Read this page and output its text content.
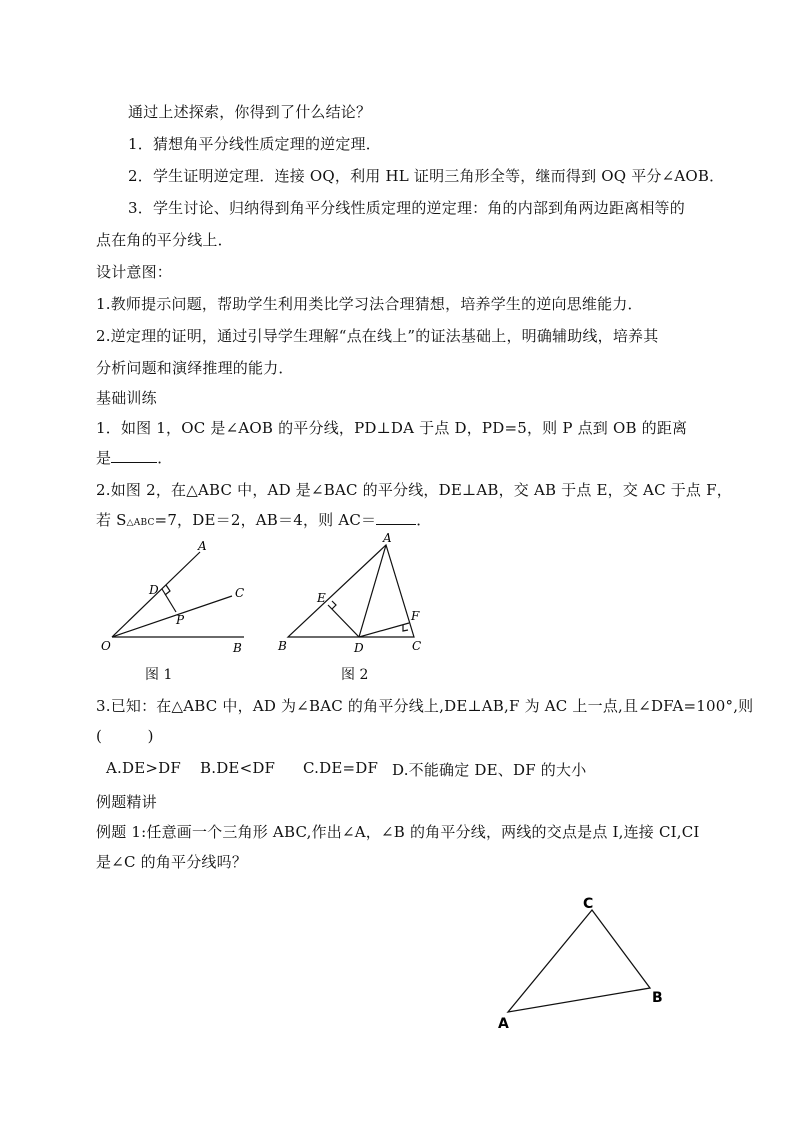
通过上述探索，你得到了什么结论？
1．猜想角平分线性质定理的逆定理．
2．学生证明逆定理．连接 OQ，利用 HL 证明三角形全等，继而得到 OQ 平分∠AOB．
3．学生讨论、归纳得到角平分线性质定理的逆定理：角的内部到角两边距离相等的
点在角的平分线上．
设计意图：
1.教师提示问题，帮助学生利用类比学习法合理猜想，培养学生的逆向思维能力．
2.逆定理的证明，通过引导学生理解“点在线上”的证法基础上，明确辅助线，培养其
分析问题和演绎推理的能力．
基础训练
1．如图 1，OC 是∠AOB 的平分线，PD⊥DA 于点 D，PD=5，则 P 点到 OB 的距离
是	．
2.如图 2，在△ABC 中，AD 是∠BAC 的平分线，DE⊥AB，交 AB 于点 E，交 AC 于点 F，
若 S△ABC=7，DE＝2，AB＝4，则 AC＝	．
A
C
D
P
O	B
A
E
F
B	D	C
图 1	图 2
3.已知：在△ABC 中，AD 为∠BAC 的角平分线上,DE⊥AB,F 为 AC 上一点,且∠DFA=100°,则
(　　　)
A.DE>DF B.DE<DF C.DE=DF D.不能确定 DE、DF 的大小
例题精讲
例题 1:任意画一个三角形 ABC,作出∠A，∠B 的角平分线，两线的交点是点 I,连接 CI,CI
是∠C 的角平分线吗？
C
B
A
